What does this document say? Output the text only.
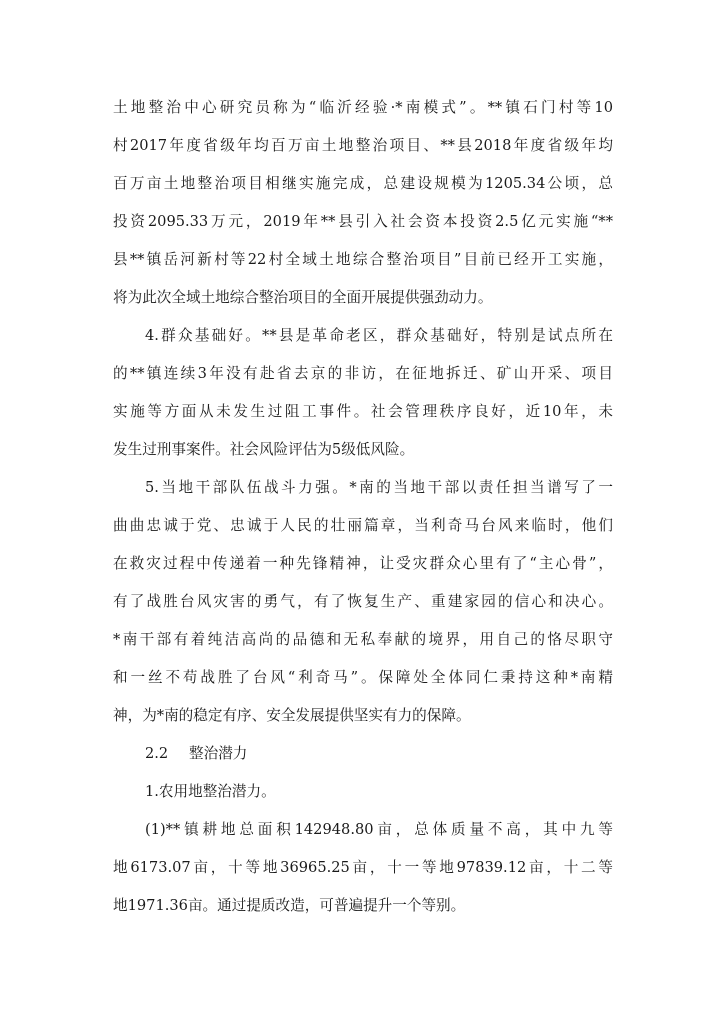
土地整治中心研究员称为“临沂经验·*南模式”。**镇石门村等10
村2017年度省级年均百万亩土地整治项目、**县2018年度省级年均
百万亩土地整治项目相继实施完成，总建设规模为1205.34公顷，总
投资2095.33万元，2019年**县引入社会资本投资2.5亿元实施“**
县**镇岳河新村等22村全域土地综合整治项目”目前已经开工实施，
将为此次全域土地综合整治项目的全面开展提供强劲动力。
4.群众基础好。**县是革命老区，群众基础好，特别是试点所在
的**镇连续3年没有赴省去京的非访，在征地拆迁、矿山开采、项目
实施等方面从未发生过阻工事件。社会管理秩序良好，近10年，未
发生过刑事案件。社会风险评估为5级低风险。
5.当地干部队伍战斗力强。*南的当地干部以责任担当谱写了一
曲曲忠诚于党、忠诚于人民的壮丽篇章，当利奇马台风来临时，他们
在救灾过程中传递着一种先锋精神，让受灾群众心里有了“主心骨”，
有了战胜台风灾害的勇气，有了恢复生产、重建家园的信心和决心。
*南干部有着纯洁高尚的品德和无私奉献的境界，用自己的恪尽职守
和一丝不苟战胜了台风“利奇马”。保障处全体同仁秉持这种*南精
神，为*南的稳定有序、安全发展提供坚实有力的保障。
2.2 整治潜力
1.农用地整治潜力。
(1)**镇耕地总面积142948.80亩，总体质量不高，其中九等
地6173.07亩，十等地36965.25亩，十一等地97839.12亩，十二等
地1971.36亩。通过提质改造，可普遍提升一个等别。
